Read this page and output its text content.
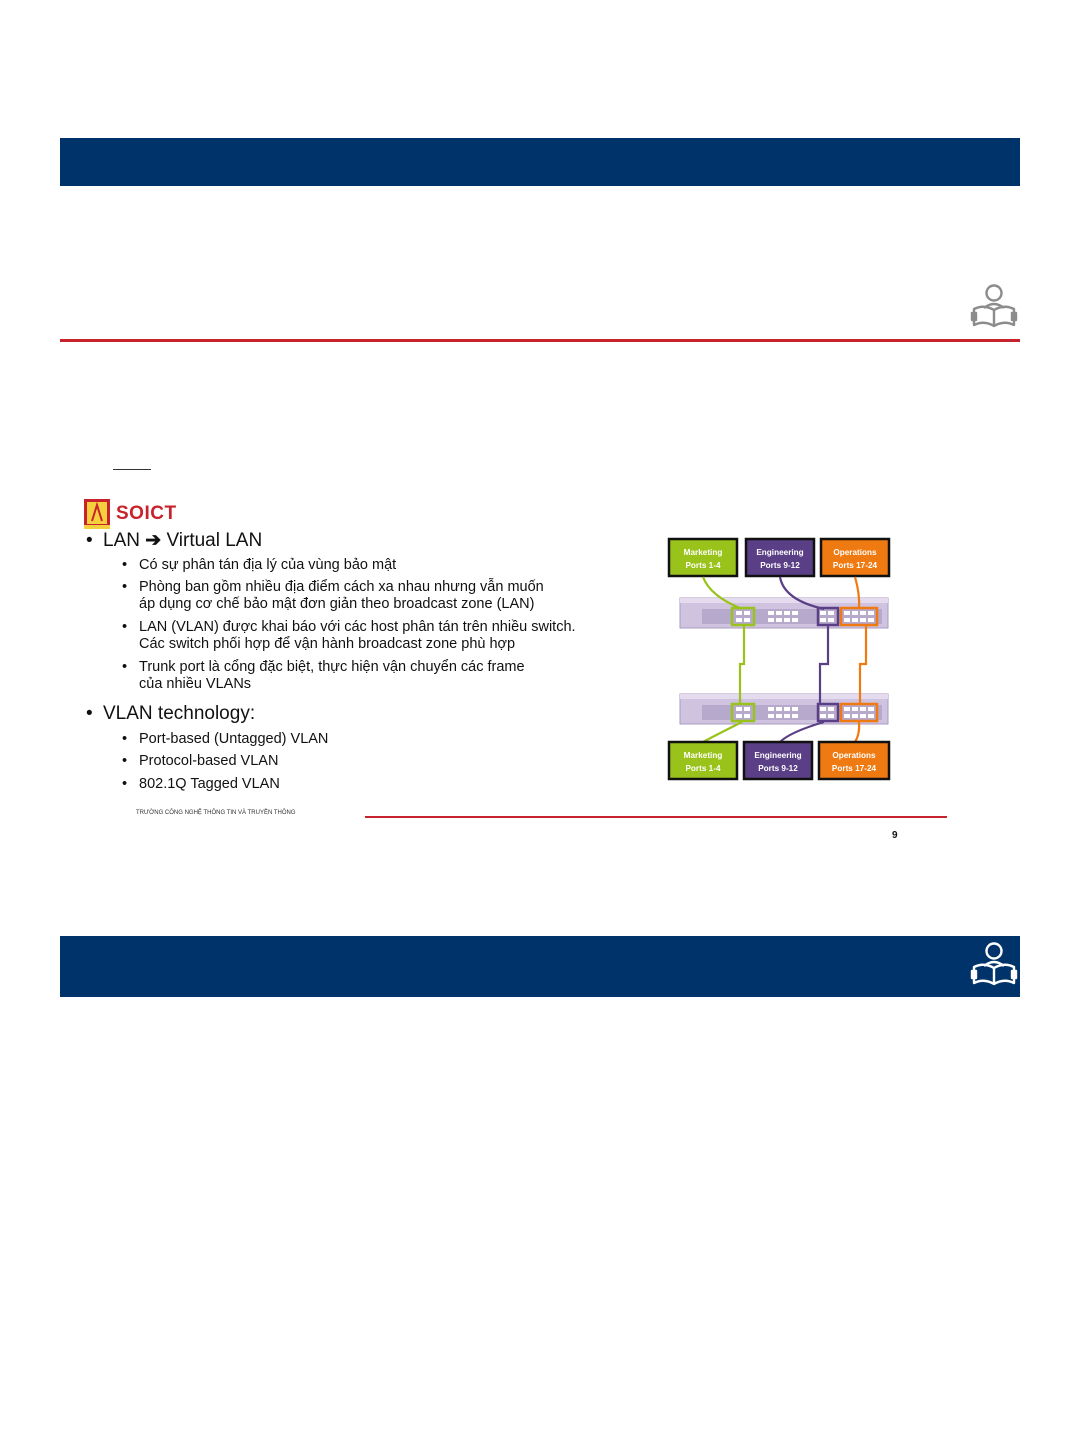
SOICT
• LAN ➔ Virtual LAN
• Có sự phân tán địa lý của vùng bảo mật
• Phòng ban gồm nhiều địa điểm cách xa nhau nhưng vẫn muốn
áp dụng cơ chế bảo mật đơn giản theo broadcast zone (LAN)
• LAN (VLAN) được khai báo với các host phân tán trên nhiều switch.
Các switch phối hợp để vận hành broadcast zone phù hợp
• Trunk port là cổng đặc biệt, thực hiện vận chuyển các frame
của nhiều VLANs
• VLAN technology:
• Port-based (Untagged) VLAN
• Protocol-based VLAN
• 802.1Q Tagged VLAN
TRƯỜNG CÔNG NGHỆ THÔNG TIN VÀ TRUYỀN THÔNG
9
Marketing
Ports 1-4
Engineering
Ports 9-12
Operations
Ports 17-24
Marketing
Ports 1-4
Engineering
Ports 9-12
Operations
Ports 17-24
